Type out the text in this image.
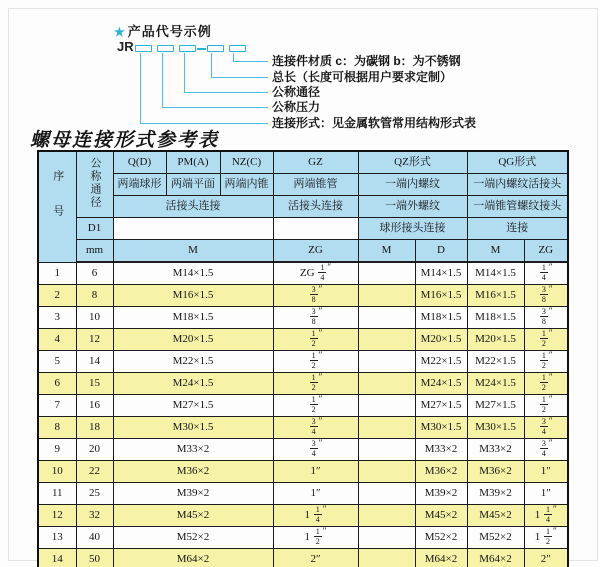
★ 产品代号示例
JR
连接件材质 c：为碳钢 b：为不锈钢
总长（长度可根据用户要求定制）
公称通径
公称压力
连接形式：见金属软管常用结构形式表
螺母连接形式参考表
序号	公称通径	Q(D)	PM(A)	NZ(C)	GZ	QZ形式		QG形式	
		两端球形	两端平面	两端内锥	两端锥管	一端内螺纹		一端内螺纹活接头	
		活接头连接			活接头连接	一端外螺纹		一端锥管螺纹接头	
	D1					球形接头连接		连接	
	mm	M			ZG	M	D	M	ZG
1	6	M14×1.5			ZG $\frac{1}{4} ''$		M14×1.5	M14×1.5	$\frac{1}{4} ''$
2	8	M16×1.5			$\frac{3}{8} ''$		M16×1.5	M16×1.5	$\frac{3}{8} ''$
3	10	M18×1.5			$\frac{3}{8} ''$		M18×1.5	M18×1.5	$\frac{3}{8} ''$
4	12	M20×1.5			$\frac{1}{2} ''$		M20×1.5	M20×1.5	$\frac{1}{2} ''$
5	14	M22×1.5			$\frac{1}{2} ''$		M22×1.5	M22×1.5	$\frac{1}{2} ''$
6	15	M24×1.5			$\frac{1}{2} ''$		M24×1.5	M24×1.5	$\frac{1}{2} ''$
7	16	M27×1.5			$\frac{1}{2} ''$		M27×1.5	M27×1.5	$\frac{1}{2} ''$
8	18	M30×1.5			$\frac{3}{4} ''$		M30×1.5	M30×1.5	$\frac{3}{4} ''$
9	20	M33×2			$\frac{3}{4} ''$		M33×2	M33×2	$\frac{3}{4} ''$
10	22	M36×2			1″		M36×2	M36×2	1″
11	25	M39×2			1″		M39×2	M39×2	1″
12	32	M45×2			$1 \frac{1}{4} ''$		M45×2	M45×2	$1 \frac{1}{4} ''$
13	40	M52×2			$1 \frac{1}{2} ''$		M52×2	M52×2	$1 \frac{1}{2} ''$
14	50	M64×2			2″		M64×2	M64×2	2″
